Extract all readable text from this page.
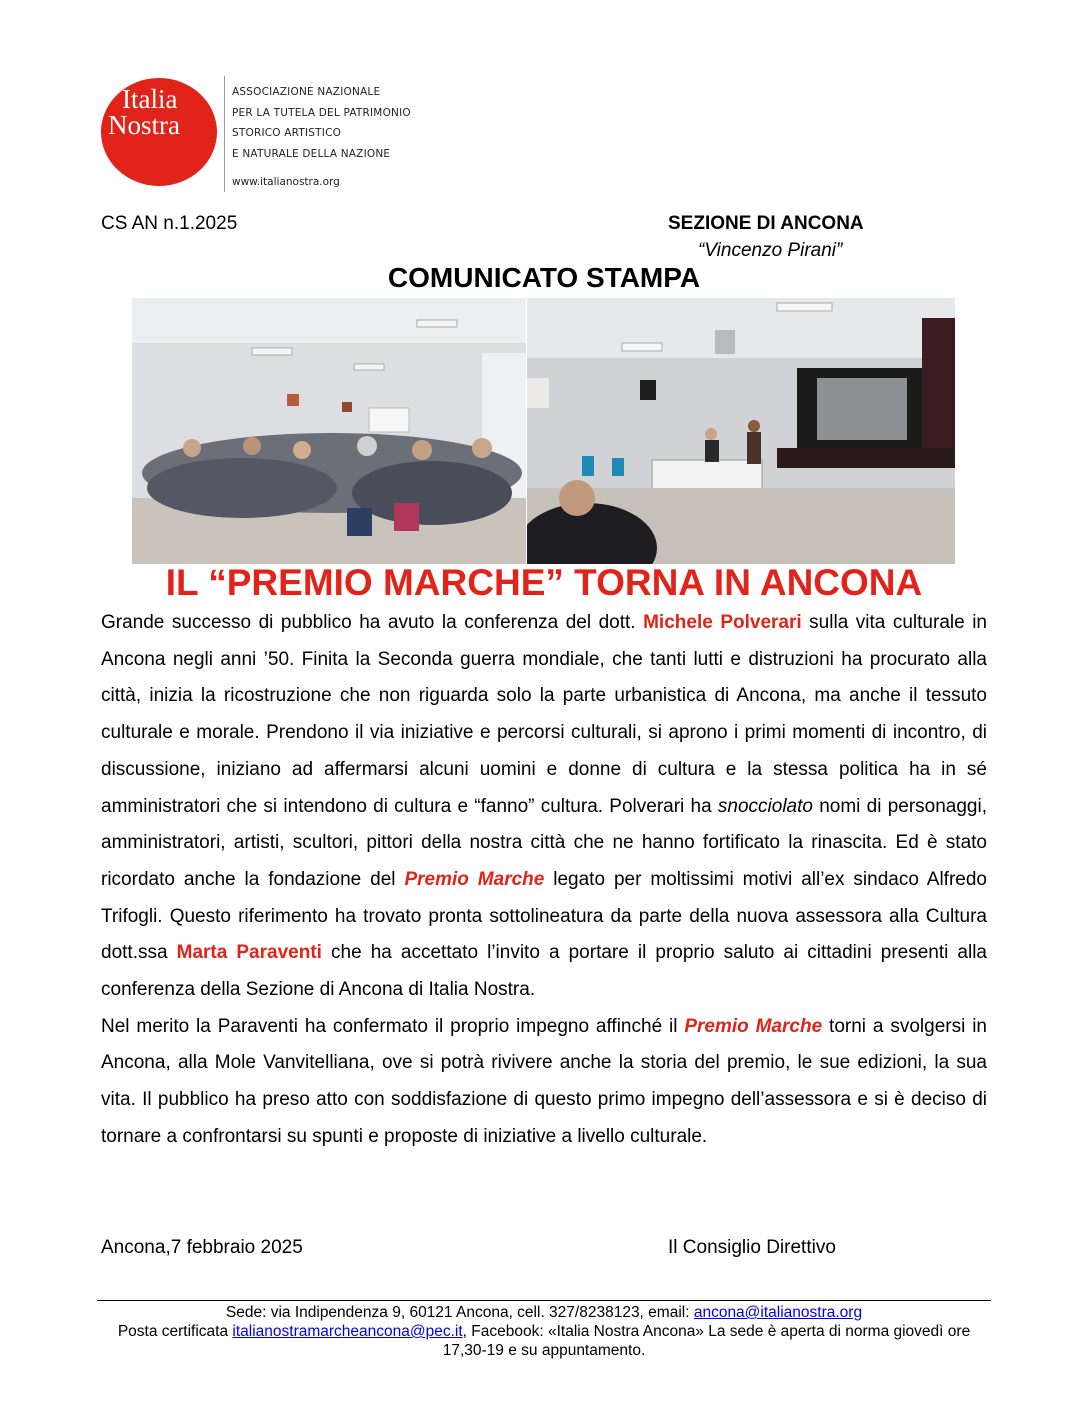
Italia
Nostra
ASSOCIAZIONE NAZIONALE
PER LA TUTELA DEL PATRIMONIO
STORICO ARTISTICO
E NATURALE DELLA NAZIONE
www.italianostra.org
CS AN n.1.2025	SEZIONE DI ANCONA
“Vincenzo Pirani”
COMUNICATO STAMPA
IL “PREMIO MARCHE” TORNA IN ANCONA

Grande successo di pubblico ha avuto la conferenza del dott. Michele Polverari sulla vita culturale in Ancona negli anni ’50. Finita la Seconda guerra mondiale, che tanti lutti e distruzioni ha procurato alla città, inizia la ricostruzione che non riguarda solo la parte urbanistica di Ancona, ma anche il tessuto culturale e morale. Prendono il via iniziative e percorsi culturali, si aprono i primi momenti di incontro, di discussione, iniziano ad affermarsi alcuni uomini e donne di cultura e la stessa politica ha in sé amministratori che si intendono di cultura e “fanno” cultura. Polverari ha snocciolato nomi di personaggi, amministratori, artisti, scultori, pittori della nostra città che ne hanno fortificato la rinascita. Ed è stato ricordato anche la fondazione del Premio Marche legato per moltissimi motivi all’ex sindaco Alfredo Trifogli. Questo riferimento ha trovato pronta sottolineatura da parte della nuova assessora alla Cultura dott.ssa Marta Paraventi che ha accettato l’invito a portare il proprio saluto ai cittadini presenti alla conferenza della Sezione di Ancona di Italia Nostra.

Nel merito la Paraventi ha confermato il proprio impegno affinché il Premio Marche torni a svolgersi in Ancona, alla Mole Vanvitelliana, ove si potrà rivivere anche la storia del premio, le sue edizioni, la sua vita. Il pubblico ha preso atto con soddisfazione di questo primo impegno dell’assessora e si è deciso di tornare a confrontarsi su spunti e proposte di iniziative a livello culturale.

Ancona,7 febbraio 2025	Il Consiglio Direttivo
Sede: via Indipendenza 9, 60121 Ancona, cell. 327/8238123, email: ancona@italianostra.org
Posta certificata italianostramarcheancona@pec.it, Facebook: «Italia Nostra Ancona» La sede è aperta di norma giovedì ore 17,30-19 e su appuntamento.
